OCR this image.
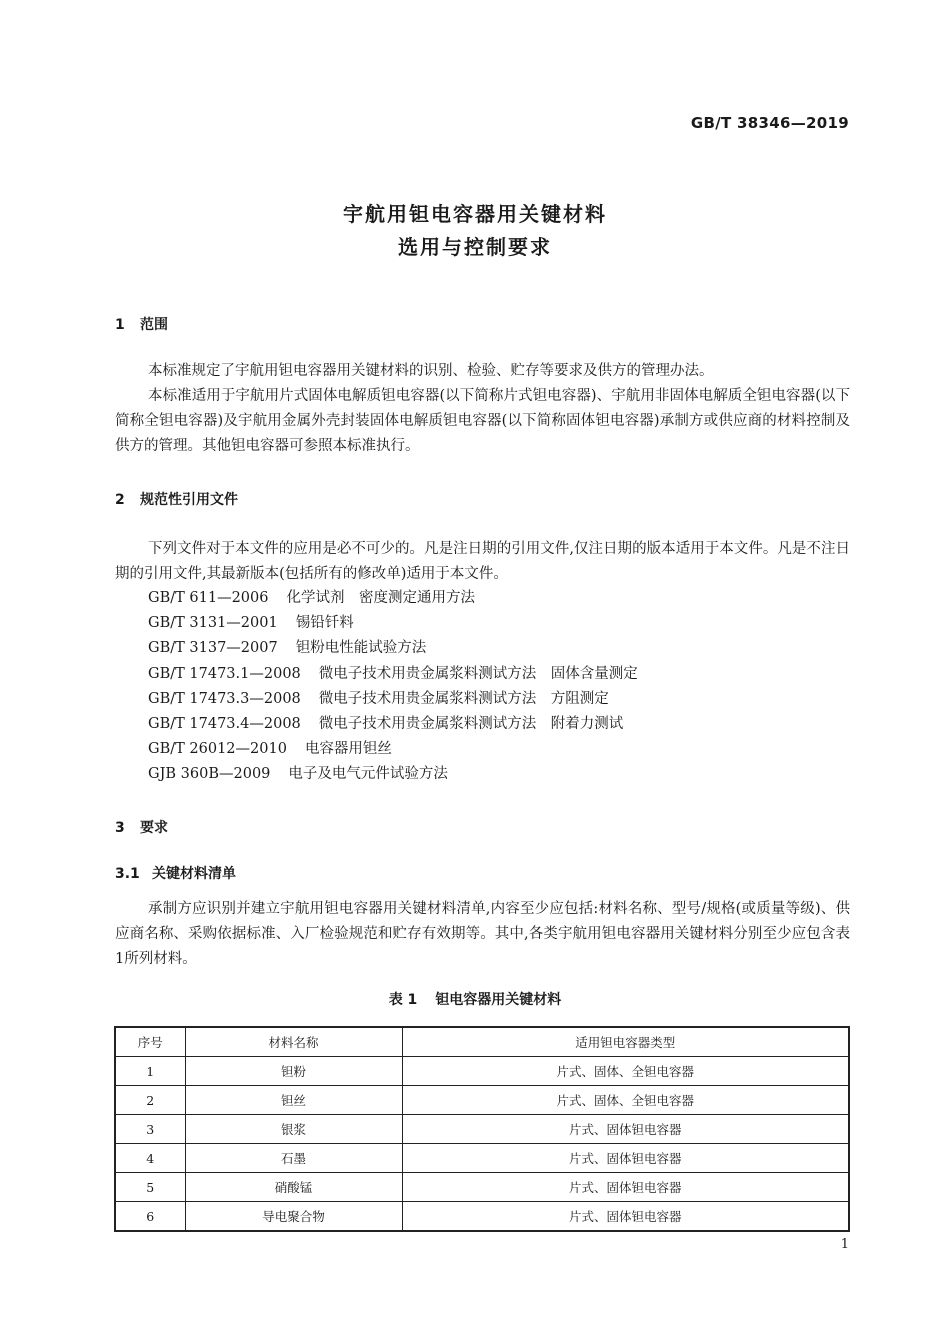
GB/T 38346—2019
宇航用钽电容器用关键材料
选用与控制要求
1 范围

本标准规定了宇航用钽电容器用关键材料的识别、检验、贮存等要求及供方的管理办法。

本标准适用于宇航用片式固体电解质钽电容器(以下简称片式钽电容器)、宇航用非固体电解质全钽电容器(以下简称全钽电容器)及宇航用金属外壳封装固体电解质钽电容器(以下简称固体钽电容器)承制方或供应商的材料控制及供方的管理。其他钽电容器可参照本标准执行。

2 规范性引用文件

下列文件对于本文件的应用是必不可少的。凡是注日期的引用文件,仅注日期的版本适用于本文件。凡是不注日期的引用文件,其最新版本(包括所有的修改单)适用于本文件。

GB/T 611—2006 化学试剂　密度测定通用方法
GB/T 3131—2001 锡铅钎料
GB/T 3137—2007 钽粉电性能试验方法
GB/T 17473.1—2008 微电子技术用贵金属浆料测试方法　固体含量测定
GB/T 17473.3—2008 微电子技术用贵金属浆料测试方法　方阻测定
GB/T 17473.4—2008 微电子技术用贵金属浆料测试方法　附着力测试
GB/T 26012—2010 电容器用钽丝
GJB 360B—2009 电子及电气元件试验方法
3 要求
3.1 关键材料清单

承制方应识别并建立宇航用钽电容器用关键材料清单,内容至少应包括:材料名称、型号/规格(或质量等级)、供应商名称、采购依据标准、入厂检验规范和贮存有效期等。其中,各类宇航用钽电容器用关键材料分别至少应包含表1所列材料。

表 1 钽电容器用关键材料
序号	材料名称	适用钽电容器类型
1	钽粉	片式、固体、全钽电容器
2	钽丝	片式、固体、全钽电容器
3	银浆	片式、固体钽电容器
4	石墨	片式、固体钽电容器
5	硝酸锰	片式、固体钽电容器
6	导电聚合物	片式、固体钽电容器
1
